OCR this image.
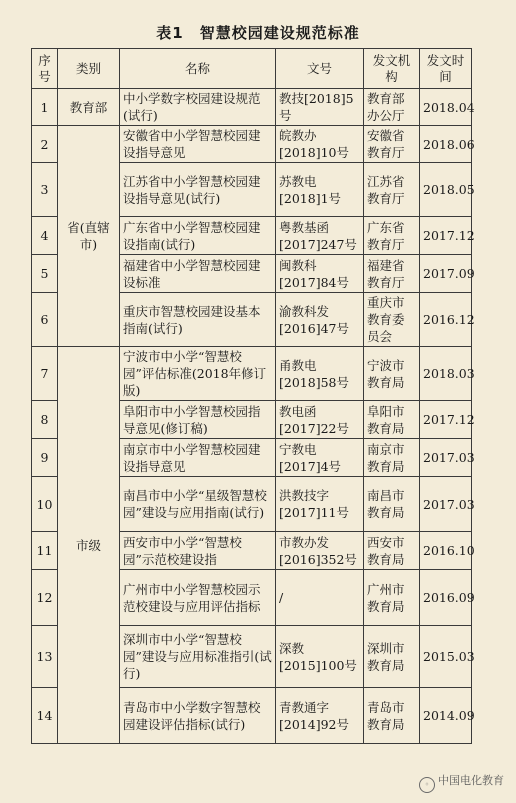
表1　智慧校园建设规范标准
序号	类别	名称	文号	发文机构	发文时间
1	教育部	中小学数字校园建设规范(试行)	教技[2018]5号	教育部办公厅	2018.04
2	省(直辖市)	安徽省中小学智慧校园建设指导意见	皖教办[2018]10号	安徽省教育厅	2018.06
3		江苏省中小学智慧校园建设指导意见(试行)	苏教电[2018]1号	江苏省教育厅	2018.05
4		广东省中小学智慧校园建设指南(试行)	粤教基函[2017]247号	广东省教育厅	2017.12
5		福建省中小学智慧校园建设标准	闽教科[2017]84号	福建省教育厅	2017.09
6		重庆市智慧校园建设基本指南(试行)	渝教科发[2016]47号	重庆市教育委员会	2016.12
7	市级	宁波市中小学“智慧校园”评估标准(2018年修订版)	甬教电[2018]58号	宁波市教育局	2018.03
8		阜阳市中小学智慧校园指导意见(修订稿)	教电函[2017]22号	阜阳市教育局	2017.12
9		南京市中小学智慧校园建设指导意见	宁教电[2017]4号	南京市教育局	2017.03
10		南昌市中小学“星级智慧校园”建设与应用指南(试行)	洪教技字[2017]11号	南昌市教育局	2017.03
11		西安市中小学“智慧校园”示范校建设指	市教办发[2016]352号	西安市教育局	2016.10
12		广州市中小学智慧校园示范校建设与应用评估指标	/	广州市教育局	2016.09
13		深圳市中小学“智慧校园”建设与应用标准指引(试行)	深教[2015]100号	深圳市教育局	2015.03
14		青岛市中小学数字智慧校园建设评估指标(试行)	青教通字[2014]92号	青岛市教育局	2014.09
◦ 中国电化教育
